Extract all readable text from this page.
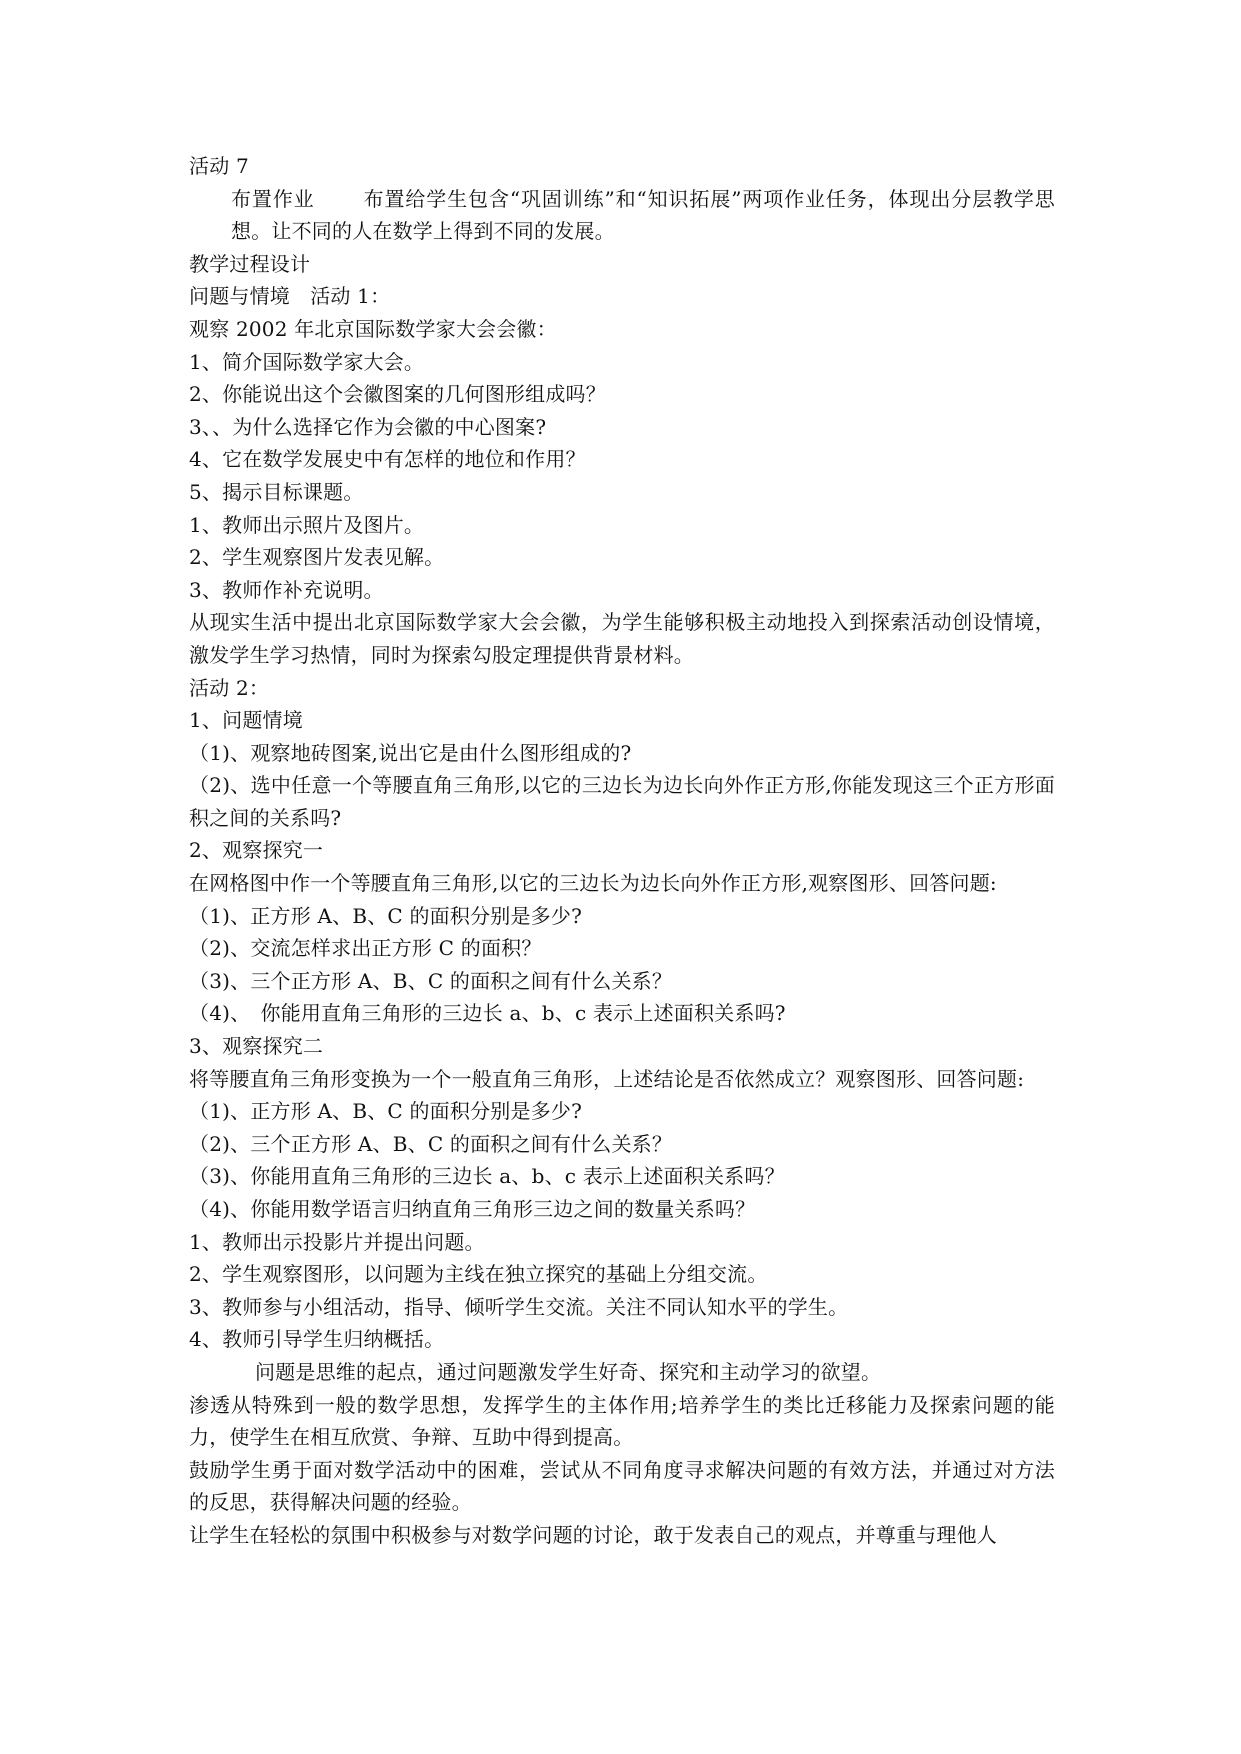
活动 7

布置作业　　 布置给学生包含“巩固训练”和“知识拓展”两项作业任务，体现出分层教学思想。让不同的人在数学上得到不同的发展。

教学过程设计

问题与情境　活动 1：

观察 2002 年北京国际数学家大会会徽：

1、简介国际数学家大会。

2、你能说出这个会徽图案的几何图形组成吗？

3、、为什么选择它作为会徽的中心图案?

4、它在数学发展史中有怎样的地位和作用？

5、揭示目标课题。

1、教师出示照片及图片。

2、学生观察图片发表见解。

3、教师作补充说明。

从现实生活中提出北京国际数学家大会会徽，为学生能够积极主动地投入到探索活动创设情境，激发学生学习热情，同时为探索勾股定理提供背景材料。

活动 2：

1、问题情境

（1)、观察地砖图案,说出它是由什么图形组成的?

（2)、选中任意一个等腰直角三角形,以它的三边长为边长向外作正方形,你能发现这三个正方形面积之间的关系吗?

2、观察探究一

在网格图中作一个等腰直角三角形,以它的三边长为边长向外作正方形,观察图形、回答问题:

（1)、正方形 A、B、C 的面积分别是多少?

（2)、交流怎样求出正方形 C 的面积？

（3)、三个正方形 A、B、C 的面积之间有什么关系？

（4)、　你能用直角三角形的三边长 a、b、c 表示上述面积关系吗?

3、观察探究二

将等腰直角三角形变换为一个一般直角三角形，上述结论是否依然成立？观察图形、回答问题:

（1)、正方形 A、B、C 的面积分别是多少?

（2)、三个正方形 A、B、C 的面积之间有什么关系？

（3)、你能用直角三角形的三边长 a、b、c 表示上述面积关系吗？

（4)、你能用数学语言归纳直角三角形三边之间的数量关系吗？

1、教师出示投影片并提出问题。

2、学生观察图形，以问题为主线在独立探究的基础上分组交流。

3、教师参与小组活动，指导、倾听学生交流。关注不同认知水平的学生。

4、教师引导学生归纳概括。

问题是思维的起点，通过问题激发学生好奇、探究和主动学习的欲望。

渗透从特殊到一般的数学思想，发挥学生的主体作用;培养学生的类比迁移能力及探索问题的能力，使学生在相互欣赏、争辩、互助中得到提高。

鼓励学生勇于面对数学活动中的困难，尝试从不同角度寻求解决问题的有效方法，并通过对方法的反思，获得解决问题的经验。

让学生在轻松的氛围中积极参与对数学问题的讨论，敢于发表自己的观点，并尊重与理他人
